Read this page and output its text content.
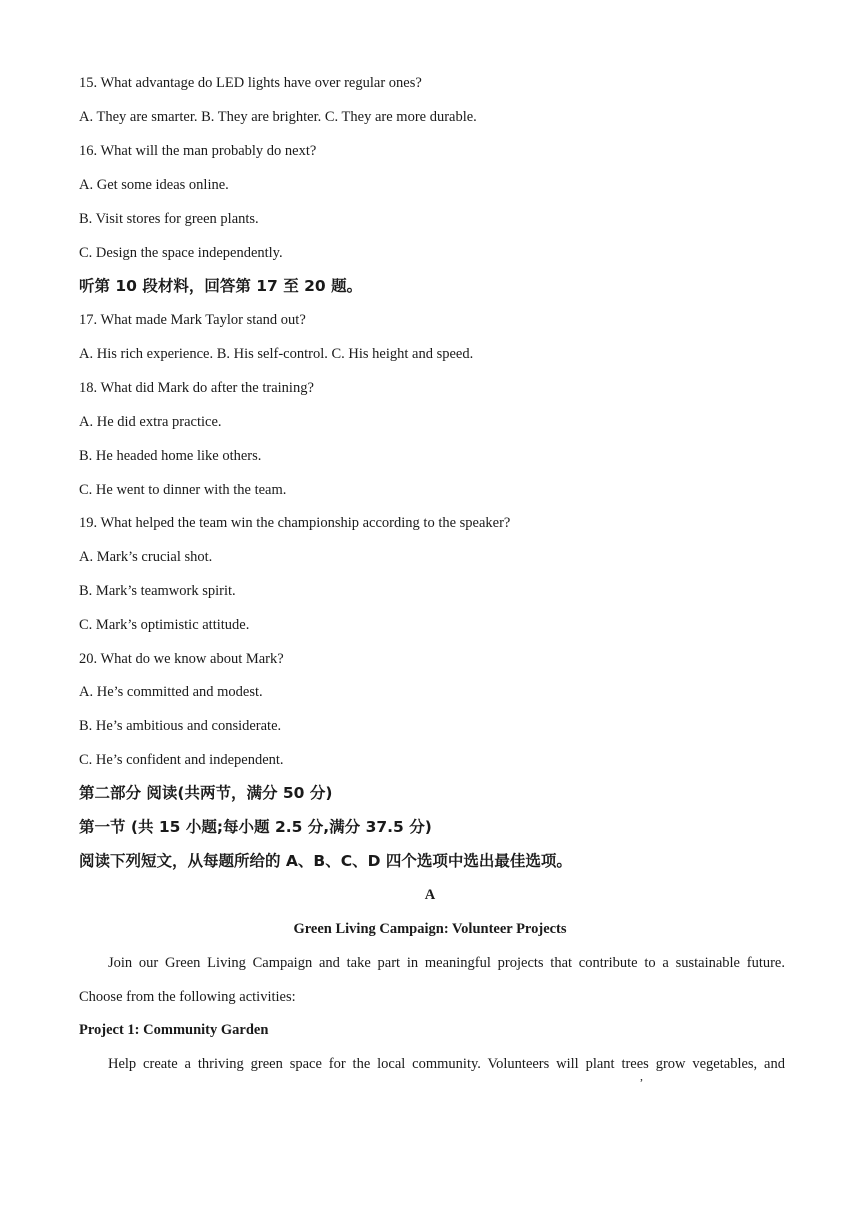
15. What advantage do LED lights have over regular ones?
A. They are smarter. B. They are brighter. C. They are more durable.
16. What will the man probably do next?
A. Get some ideas online.
B. Visit stores for green plants.
C. Design the space independently.
听第 10 段材料，回答第 17 至 20 题。
17. What made Mark Taylor stand out?
A. His rich experience. B. His self-control. C. His height and speed.
18. What did Mark do after the training?
A. He did extra practice.
B. He headed home like others.
C. He went to dinner with the team.
19. What helped the team win the championship according to the speaker?
A. Mark’s crucial shot.
B. Mark’s teamwork spirit.
C. Mark’s optimistic attitude.
20. What do we know about Mark?
A. He’s committed and modest.
B. He’s ambitious and considerate.
C. He’s confident and independent.
第二部分 阅读(共两节，满分 50 分)
第一节 (共 15 小题;每小题 2.5 分,满分 37.5 分)
阅读下列短文，从每题所给的 A、B、C、D 四个选项中选出最佳选项。
A
Green Living Campaign: Volunteer Projects
Join our Green Living Campaign and take part in meaningful projects that contribute to a sustainable future.
Choose from the following activities:
Project 1: Community Garden
Help create a thriving green space for the local community. Volunteers will plant trees grow vegetables, and
,
